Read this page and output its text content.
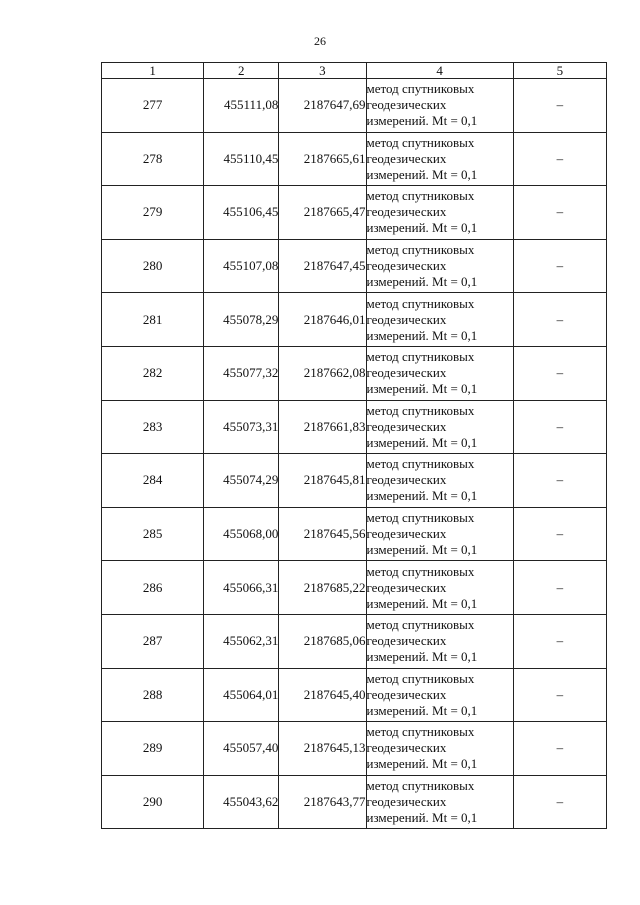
26
1	2	3	4	5
277	455111,08	2187647,69	метод спутниковых
геодезических
измерений. Mt = 0,1	–
278	455110,45	2187665,61	метод спутниковых
геодезических
измерений. Mt = 0,1	–
279	455106,45	2187665,47	метод спутниковых
геодезических
измерений. Mt = 0,1	–
280	455107,08	2187647,45	метод спутниковых
геодезических
измерений. Mt = 0,1	–
281	455078,29	2187646,01	метод спутниковых
геодезических
измерений. Mt = 0,1	–
282	455077,32	2187662,08	метод спутниковых
геодезических
измерений. Mt = 0,1	–
283	455073,31	2187661,83	метод спутниковых
геодезических
измерений. Mt = 0,1	–
284	455074,29	2187645,81	метод спутниковых
геодезических
измерений. Mt = 0,1	–
285	455068,00	2187645,56	метод спутниковых
геодезических
измерений. Mt = 0,1	–
286	455066,31	2187685,22	метод спутниковых
геодезических
измерений. Mt = 0,1	–
287	455062,31	2187685,06	метод спутниковых
геодезических
измерений. Mt = 0,1	–
288	455064,01	2187645,40	метод спутниковых
геодезических
измерений. Mt = 0,1	–
289	455057,40	2187645,13	метод спутниковых
геодезических
измерений. Mt = 0,1	–
290	455043,62	2187643,77	метод спутниковых
геодезических
измерений. Mt = 0,1	–
